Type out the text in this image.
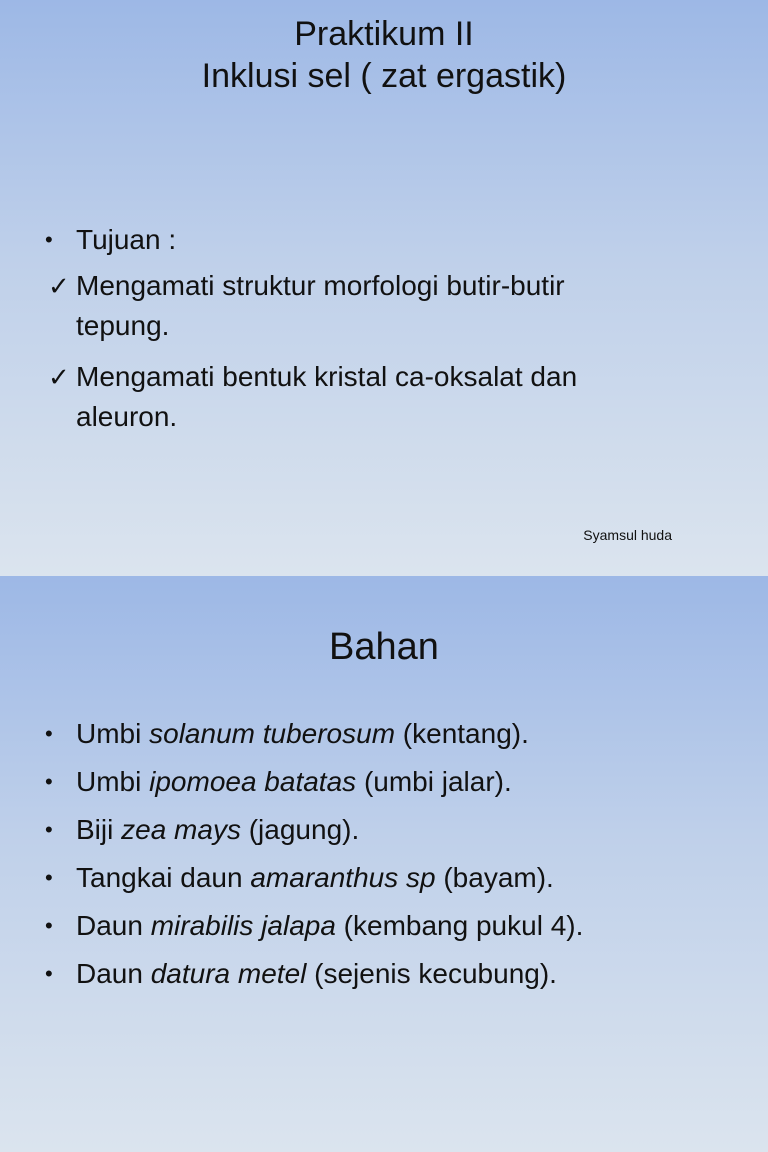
Praktikum II
Inklusi sel ( zat ergastik)
• Tujuan :
✓ Mengamati struktur morfologi butir-butir
tepung.
✓ Mengamati bentuk kristal ca-oksalat dan
aleuron.
Syamsul huda
Bahan
• Umbi solanum tuberosum (kentang).
• Umbi ipomoea batatas (umbi jalar).
• Biji zea mays (jagung).
• Tangkai daun amaranthus sp (bayam).
• Daun mirabilis jalapa (kembang pukul 4).
• Daun datura metel (sejenis kecubung).
